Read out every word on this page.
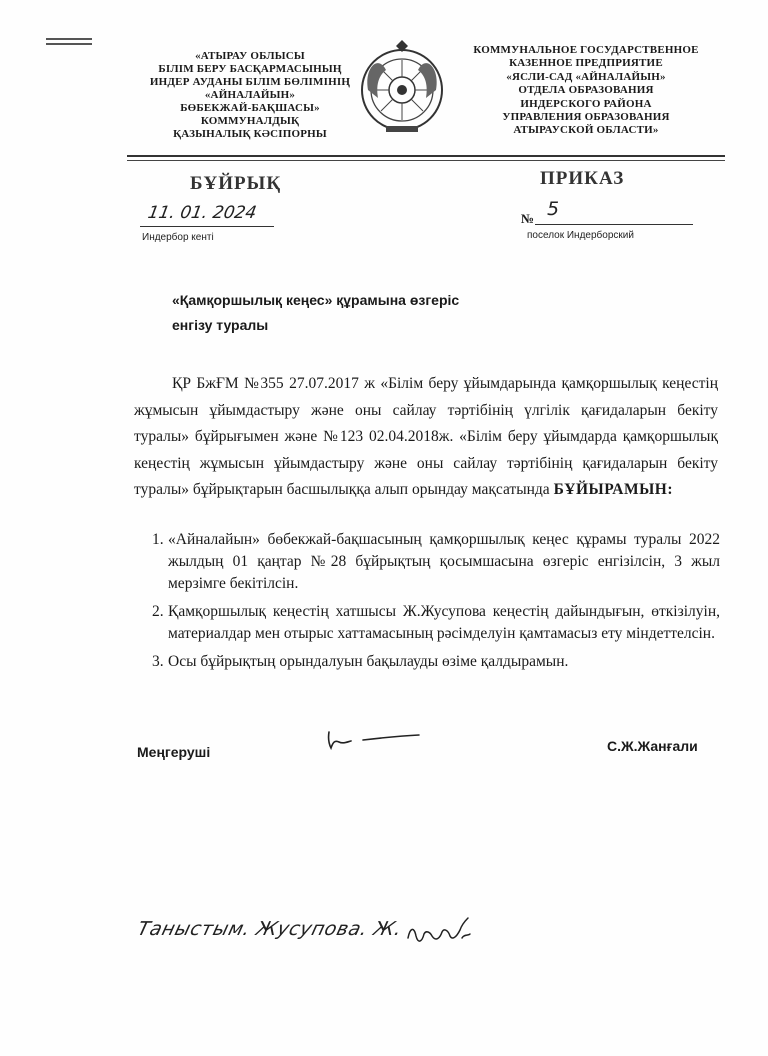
«АТЫРАУ ОБЛЫСЫ
БІЛІМ БЕРУ БАСҚАРМАСЫНЫҢ
ИНДЕР АУДАНЫ БІЛІМ БӨЛІМІНІҢ
«АЙНАЛАЙЫН»
БӨБЕКЖАЙ-БАҚШАСЫ»
КОММУНАЛДЫҚ
ҚАЗЫНАЛЫҚ КӘСІПОРНЫ
КОММУНАЛЬНОЕ ГОСУДАРСТВЕННОЕ
КАЗЕННОЕ ПРЕДПРИЯТИЕ
«ЯСЛИ-САД «АЙНАЛАЙЫН»
ОТДЕЛА ОБРАЗОВАНИЯ
ИНДЕРСКОГО РАЙОНА
УПРАВЛЕНИЯ ОБРАЗОВАНИЯ
АТЫРАУСКОЙ ОБЛАСТИ»
БҰЙРЫҚ	ПРИКАЗ
11. 01. 2024
Индербор кенті
№ 5
поселок Индерборский
«Қамқоршылық кеңес» құрамына өзгеріс
енгізу туралы
ҚР БжҒМ №355 27.07.2017 ж «Білім беру ұйымдарында қамқоршылық кеңестің жұмысын ұйымдастыру және оны сайлау тәртібінің үлгілік қағидаларын бекіту туралы» бұйрығымен және №123 02.04.2018ж. «Білім беру ұйымдарда қамқоршылық кеңестің жұмысын ұйымдастыру және оны сайлау тәртібінің қағидаларын бекіту туралы» бұйрықтарын басшылыққа алып орындау мақсатында БҰЙЫРАМЫН:
1. «Айналайын» бөбекжай-бақшасының қамқоршылық кеңес құрамы туралы 2022 жылдың 01 қаңтар №28 бұйрықтың қосымшасына өзгеріс енгізілсін, 3 жыл мерзімге бекітілсін.
2. Қамқоршылық кеңестің хатшысы Ж.Жусупова кеңестің дайындығын, өткізілуін, материалдар мен отырыс хаттамасының рәсімделуін қамтамасыз ету міндеттелсін.
3. Осы бұйрықтың орындалуын бақылауды өзіме қалдырамын.
Меңгеруші	С.Ж.Жанғали
Таныстым. Жусупова. Ж.
